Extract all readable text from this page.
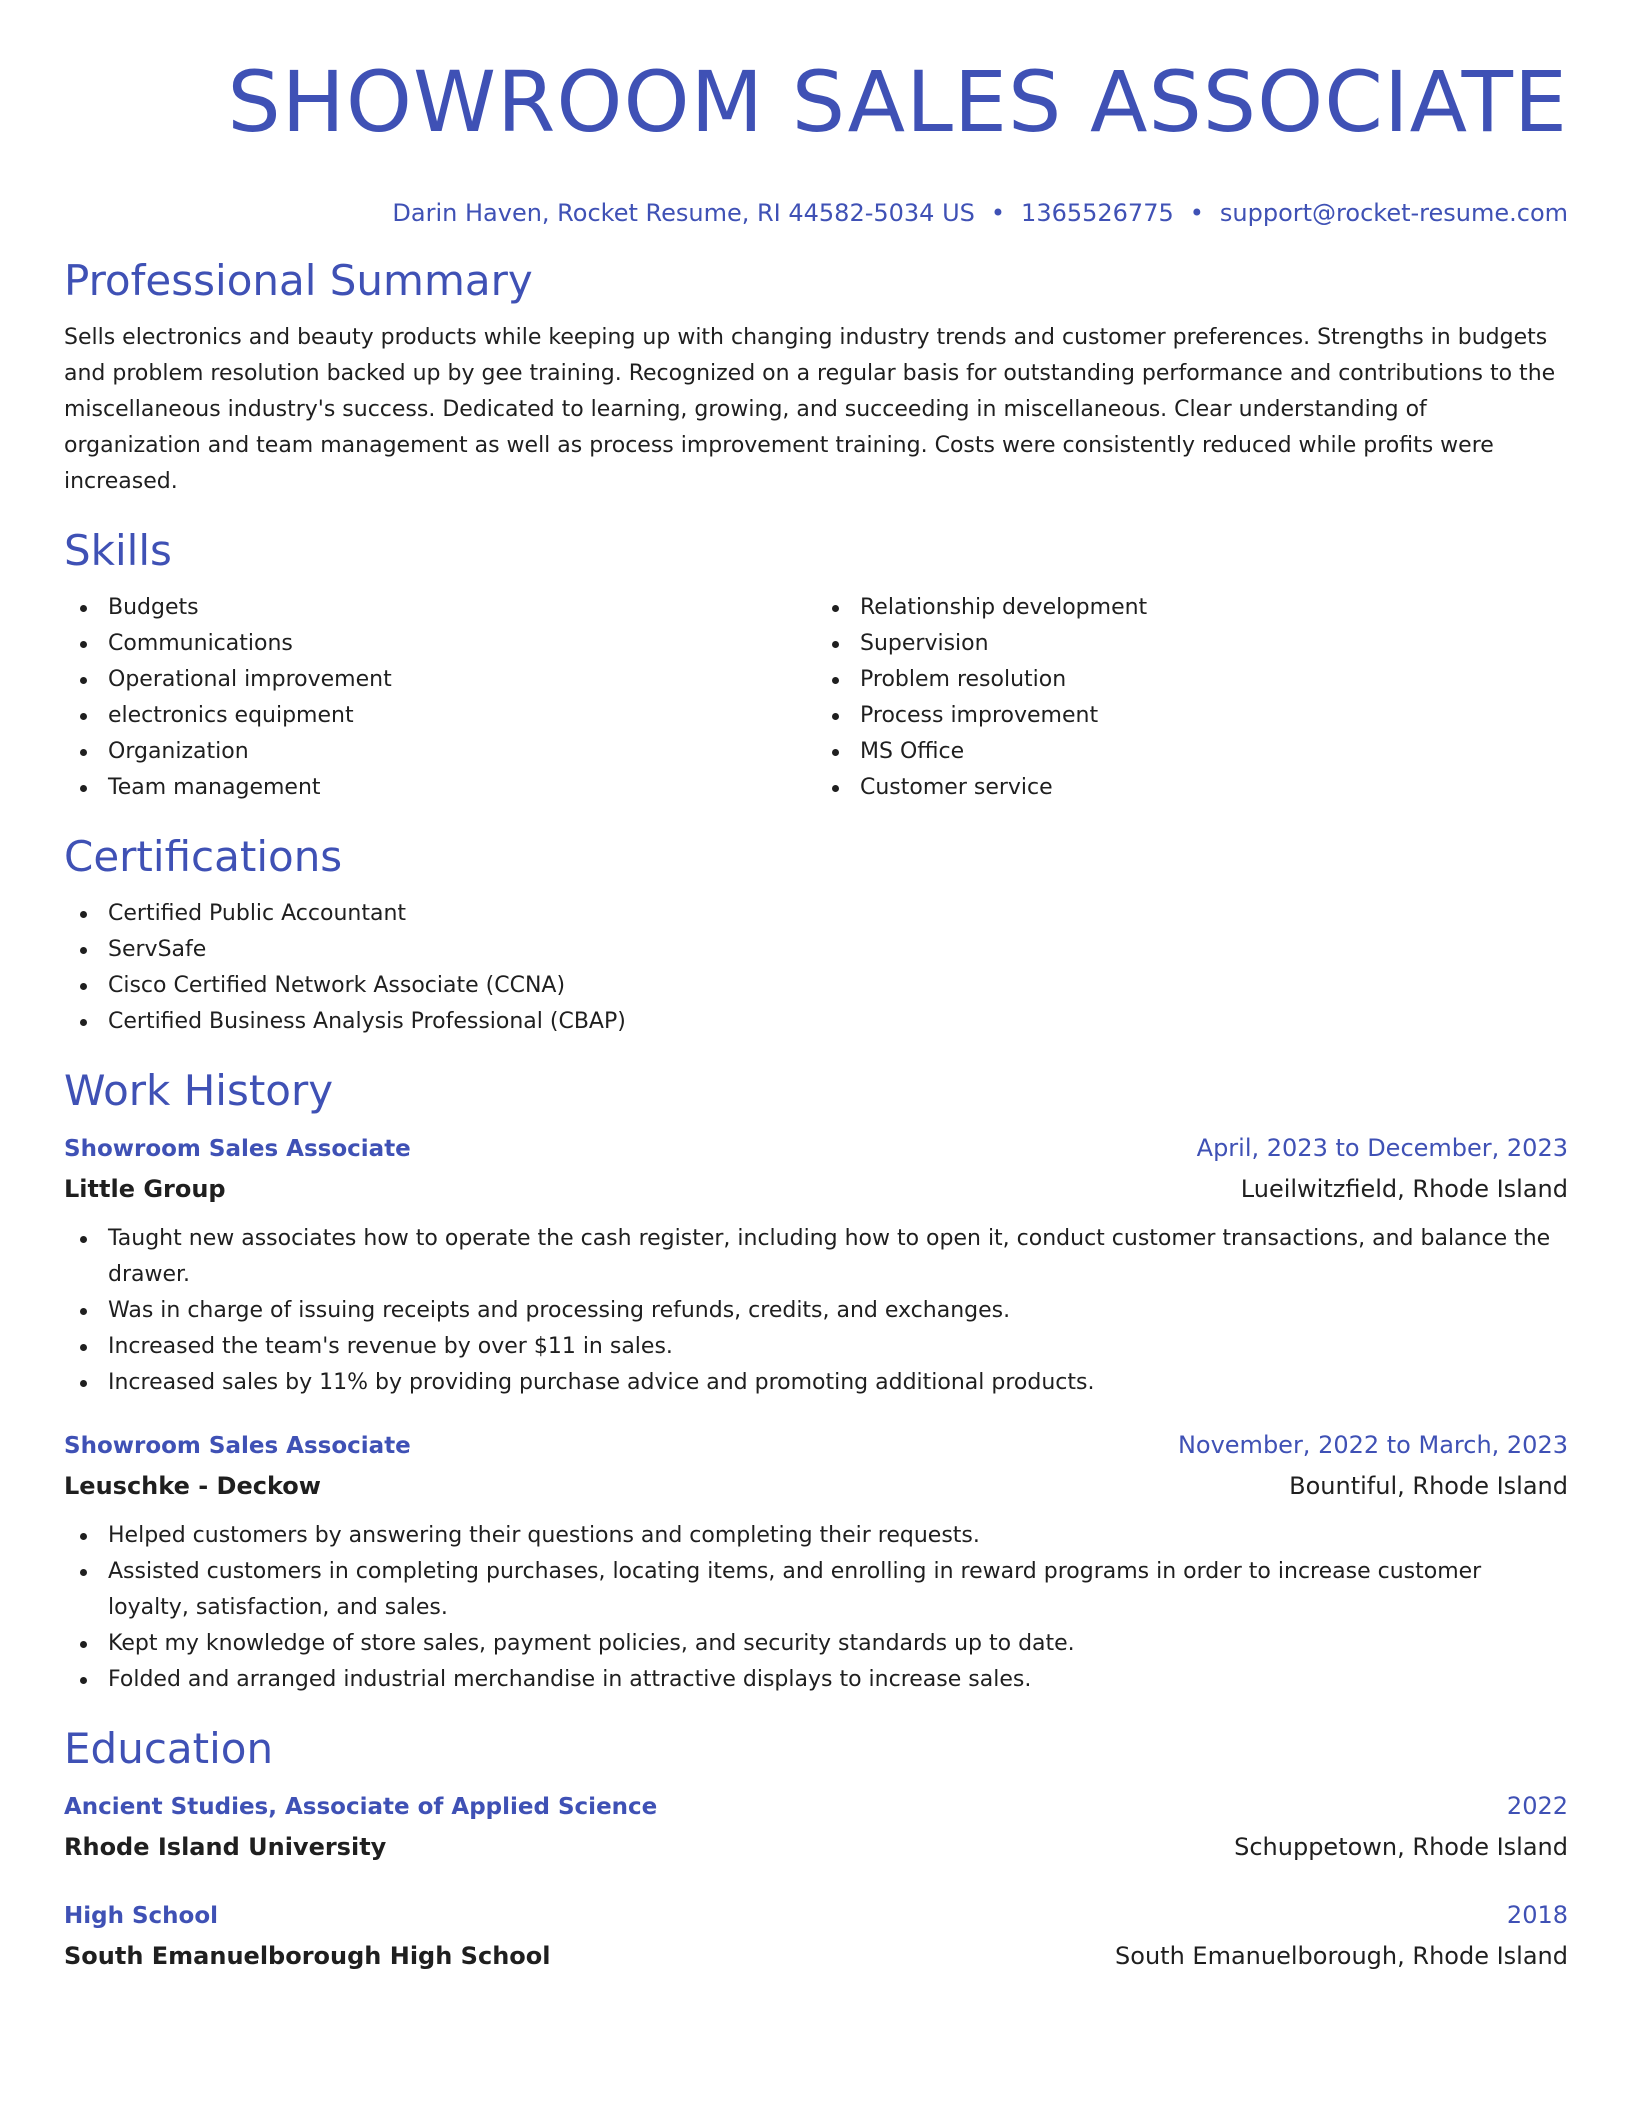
SHOWROOM SALES ASSOCIATE
Darin Haven, Rocket Resume, RI 44582-5034 US • 1365526775 • support@rocket-resume.com
Professional Summary

Sells electronics and beauty products while keeping up with changing industry trends and customer preferences. Strengths in budgets and problem resolution backed up by gee training. Recognized on a regular basis for outstanding performance and contributions to the miscellaneous industry's success. Dedicated to learning, growing, and succeeding in miscellaneous. Clear understanding of organization and team management as well as process improvement training. Costs were consistently reduced while profits were increased.

Skills
Budgets
Communications
Operational improvement
electronics equipment
Organization
Team management
Relationship development
Supervision
Problem resolution
Process improvement
MS Office
Customer service
Certifications
Certified Public Accountant
ServSafe
Cisco Certified Network Associate (CCNA)
Certified Business Analysis Professional (CBAP)
Work History
Showroom Sales Associate	April, 2023 to December, 2023
Little Group	Lueilwitzfield, Rhode Island
Taught new associates how to operate the cash register, including how to open it, conduct customer transactions, and balance the drawer.
Was in charge of issuing receipts and processing refunds, credits, and exchanges.
Increased the team's revenue by over $11 in sales.
Increased sales by 11% by providing purchase advice and promoting additional products.
Showroom Sales Associate	November, 2022 to March, 2023
Leuschke - Deckow	Bountiful, Rhode Island
Helped customers by answering their questions and completing their requests.
Assisted customers in completing purchases, locating items, and enrolling in reward programs in order to increase customer loyalty, satisfaction, and sales.
Kept my knowledge of store sales, payment policies, and security standards up to date.
Folded and arranged industrial merchandise in attractive displays to increase sales.
Education
Ancient Studies, Associate of Applied Science	2022
Rhode Island University	Schuppetown, Rhode Island
High School	2018
South Emanuelborough High School	South Emanuelborough, Rhode Island
